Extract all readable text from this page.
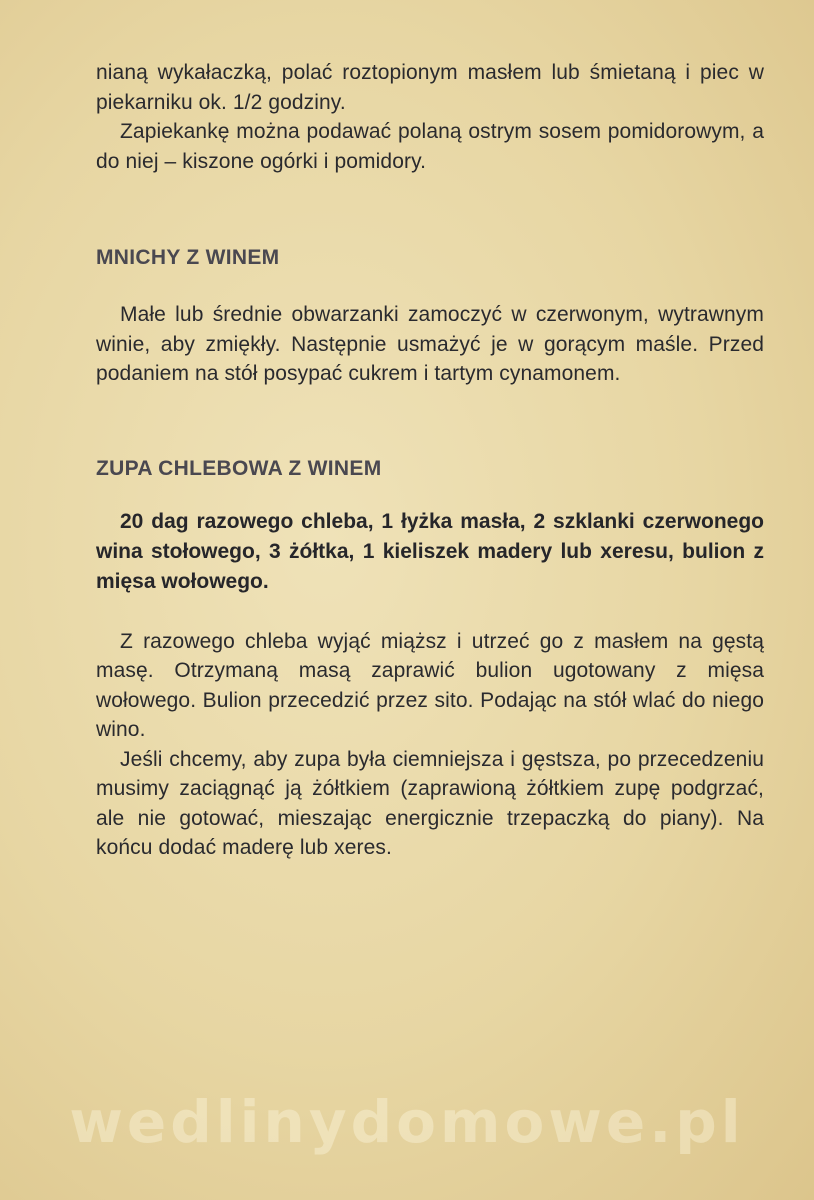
nianą wykałaczką, polać roztopionym masłem lub śmietaną i piec w piekarniku ok. 1/2 godziny.

Zapiekankę można podawać polaną ostrym sosem pomidorowym, a do niej – kiszone ogórki i pomidory.

MNICHY Z WINEM

Małe lub średnie obwarzanki zamoczyć w czerwonym, wytrawnym winie, aby zmiękły. Następnie usmażyć je w gorącym maśle. Przed podaniem na stół posypać cukrem i tartym cynamonem.

ZUPA CHLEBOWA Z WINEM

20 dag razowego chleba, 1 łyżka masła, 2 szklanki czerwonego wina stołowego, 3 żółtka, 1 kieliszek madery lub xeresu, bulion z mięsa wołowego.

Z razowego chleba wyjąć miąższ i utrzeć go z masłem na gęstą masę. Otrzymaną masą zaprawić bulion ugotowany z mięsa wołowego. Bulion przecedzić przez sito. Podając na stół wlać do niego wino.

Jeśli chcemy, aby zupa była ciemniejsza i gęstsza, po przecedzeniu musimy zaciągnąć ją żółtkiem (zaprawioną żółtkiem zupę podgrzać, ale nie gotować, mieszając energicznie trzepaczką do piany). Na końcu dodać maderę lub xeres.

wedlinydomowe.pl
